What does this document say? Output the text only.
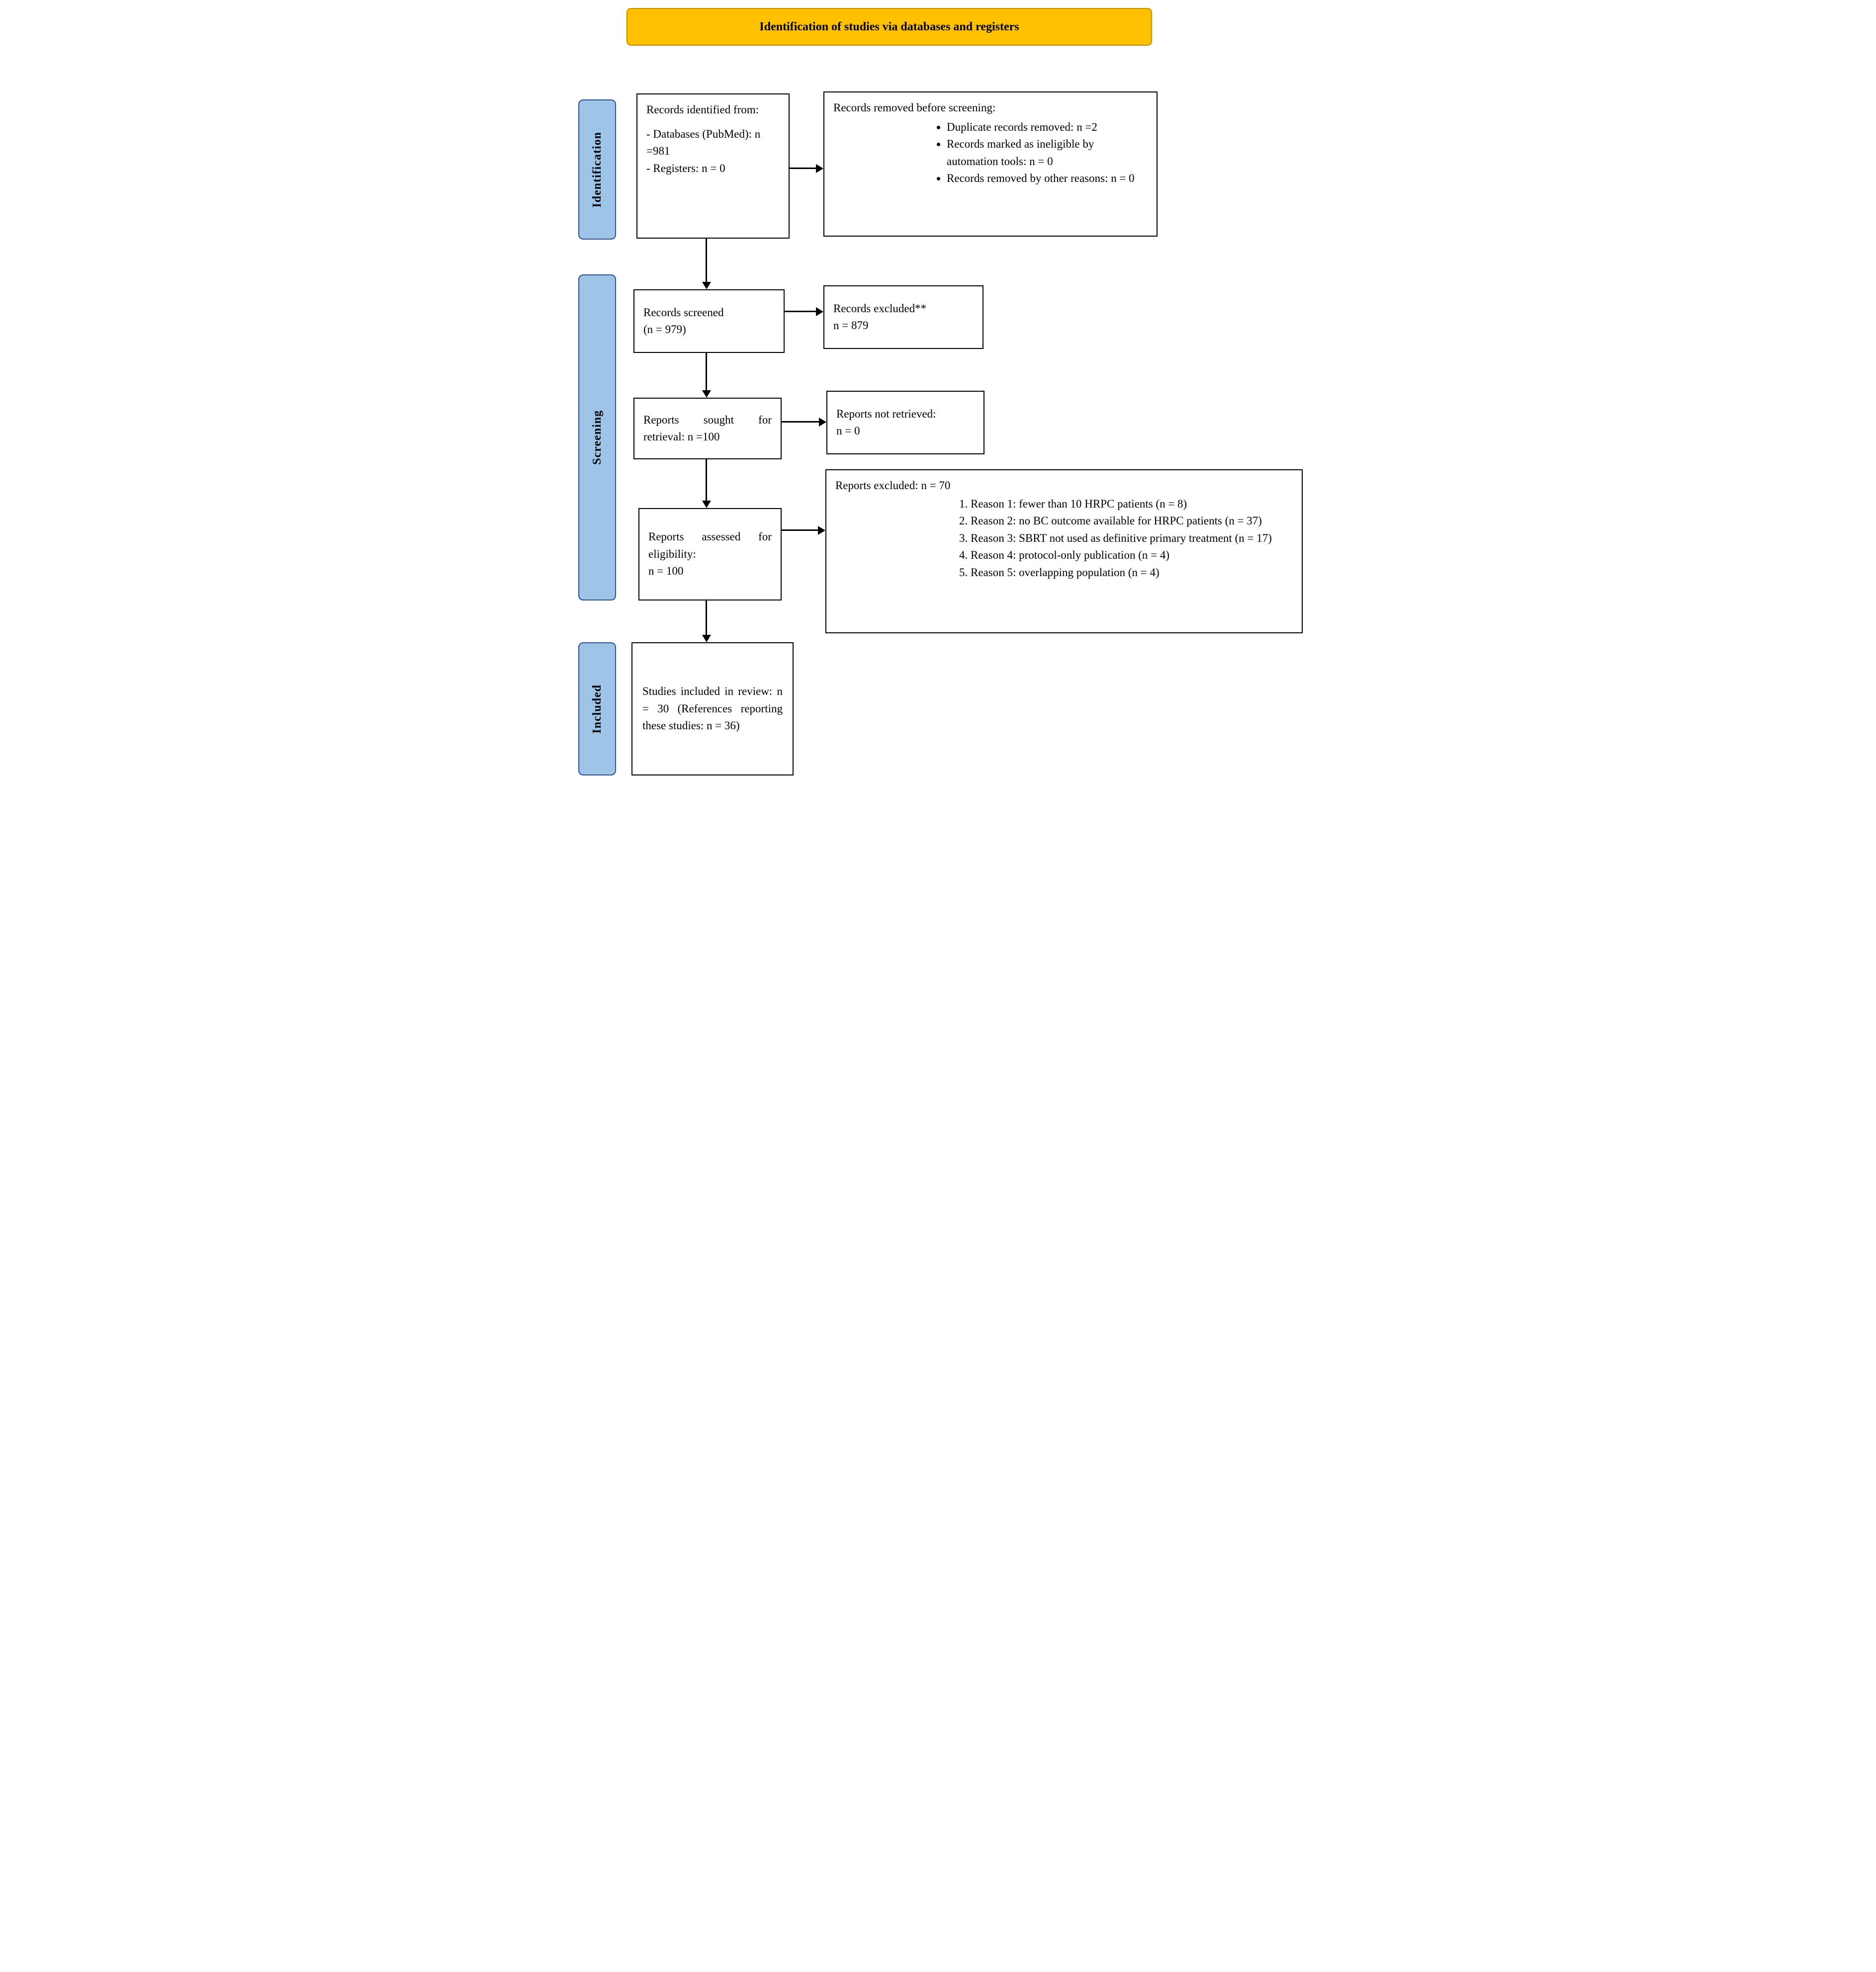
Identification of studies via databases and registers
Identification
Screening
Included

Records identified from:

- Databases (PubMed): n =981

- Registers: n = 0

Records removed before screening:

• Duplicate records removed: n =2
• Records marked as ineligible by automation tools: n = 0
• Records removed by other reasons: n = 0

Records screened

(n = 979)

Records excluded**

n = 879

Reports sought for retrieval: n =100

Reports not retrieved:

n = 0

Reports assessed for eligibility:

n = 100

Reports excluded: n = 70

1. Reason 1: fewer than 10 HRPC patients (n = 8)
2. Reason 2: no BC outcome available for HRPC patients (n = 37)
3. Reason 3: SBRT not used as definitive primary treatment (n = 17)
4. Reason 4: protocol-only publication (n = 4)
5. Reason 5: overlapping population (n = 4)

Studies included in review: n = 30 (References reporting these studies: n = 36)
